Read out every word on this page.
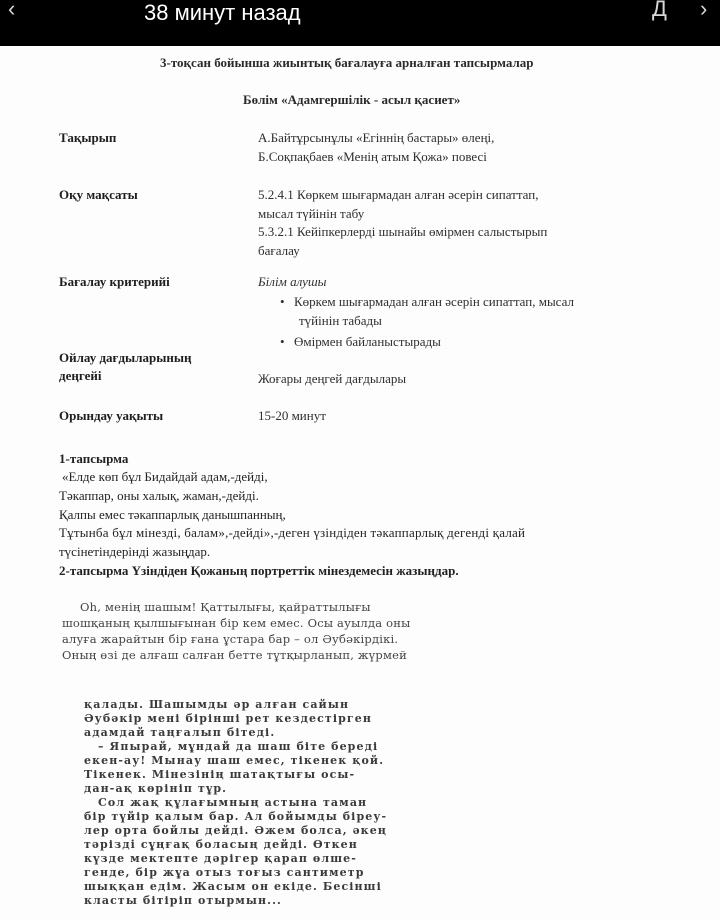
‹	38 минут назад	Д ›
3-тоқсан бойынша жиынтық бағалауға арналған тапсырмалар
Бөлім «Адамгершілік - асыл қасиет»
Тақырып	А.Байтұрсынұлы «Егіннің бастары» өлеңі,
Б.Соқпақбаев «Менің атым Қожа» повесі
Оқу мақсаты	5.2.4.1 Көркем шығармадан алған әсерін сипаттап,
мысал түйінін табу
5.3.2.1 Кейіпкерлерді шынайы өмірмен салыстырып
бағалау
Бағалау критерийі	Білім алушы
• Көркем шығармадан алған әсерін сипаттап, мысал
түйінін табады
• Өмірмен байланыстырады
Ойлау дағдыларының
деңгейі	Жоғары деңгей дағдылары
Орындау уақыты	15-20 минут
1-тапсырма
«Елде көп бұл Бидайдай адам,-дейді,
Тәкаппар, оны халық, жаман,-дейді.
Қалпы емес тәкаппарлық данышпанның,
Тұтынба бұл мінезді, балам»,-дейді»,-деген үзіндіден тәкаппарлық дегенді қалай
түсінетіндерінді жазыңдар.
2-тапсырма Үзіндіден Қожаның портреттік мінездемесін жазыңдар.
Oh, менің шашым! Қаттылығы, қайраттылығы
шошқаның қылшығынан бір кем емес. Осы ауылда оны
алуға жарайтын бір ғана ұстара бар – ол Әубәкірдікі.
Оның өзі де алғаш салған бетте тұтқырланып, жүрмей
қалады. Шашымды әр алған сайын
Әубәкір мені бірінші рет кездестірген
адамдай таңғалып бітеді.
– Япырай, мұндай да шаш біте береді
екен-ау! Мынау шаш емес, тікенек қой.
Тікенек. Мінезінің шатақтығы осы-
дан-ақ көрініп тұр.
Сол жақ құлағымның астына таман
бір түйір қалым бар. Ал бойымды біреу-
лер орта бойлы дейді. Әжем болса, әкең
тәріздi сұңғақ боласың дейді. Өткен
күзде мектепте дәрігер қарап өлше-
генде, бір жұа отыз тоғыз сантиметр
шыққан едім. Жасым он екіде. Бесінші
класты бітіріп отырмын...
